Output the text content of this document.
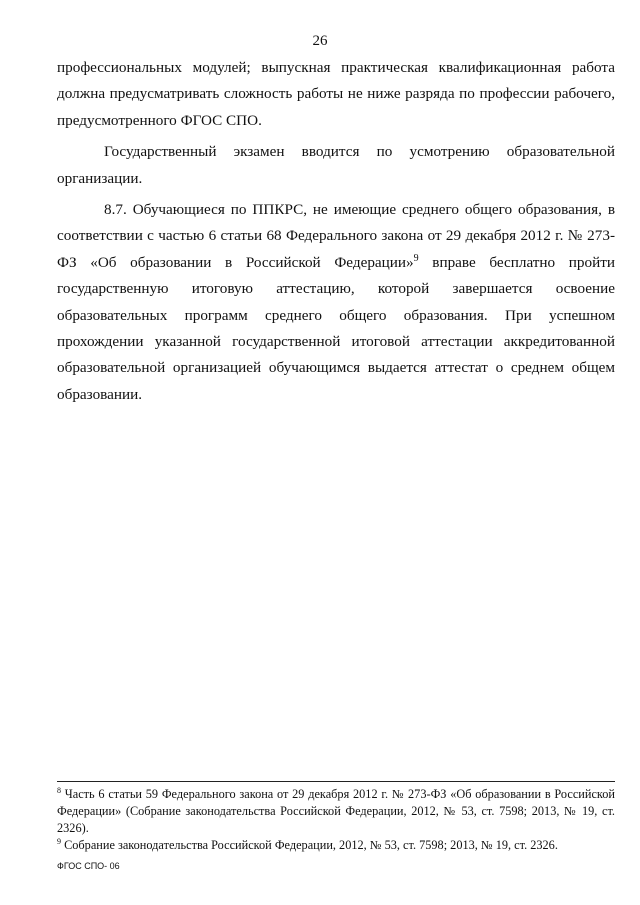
26

профессиональных модулей; выпускная практическая квалификационная работа должна предусматривать сложность работы не ниже разряда по профессии рабочего, предусмотренного ФГОС СПО.

Государственный экзамен вводится по усмотрению образовательной организации.

8.7. Обучающиеся по ППКРС, не имеющие среднего общего образования, в соответствии с частью 6 статьи 68 Федерального закона от 29 декабря 2012 г. № 273-ФЗ «Об образовании в Российской Федерации»$^9$ вправе бесплатно пройти государственную итоговую аттестацию, которой завершается освоение образовательных программ среднего общего образования. При успешном прохождении указанной государственной итоговой аттестации аккредитованной образовательной организацией обучающимся выдается аттестат о среднем общем образовании.

$^8$ Часть 6 статьи 59 Федерального закона от 29 декабря 2012 г. № 273-ФЗ «Об образовании в Российской Федерации» (Собрание законодательства Российской Федерации, 2012, № 53, ст. 7598; 2013, № 19, ст. 2326).

$^9$ Собрание законодательства Российской Федерации, 2012, № 53, ст. 7598; 2013, № 19, ст. 2326.

ФГОС СПО- 06
